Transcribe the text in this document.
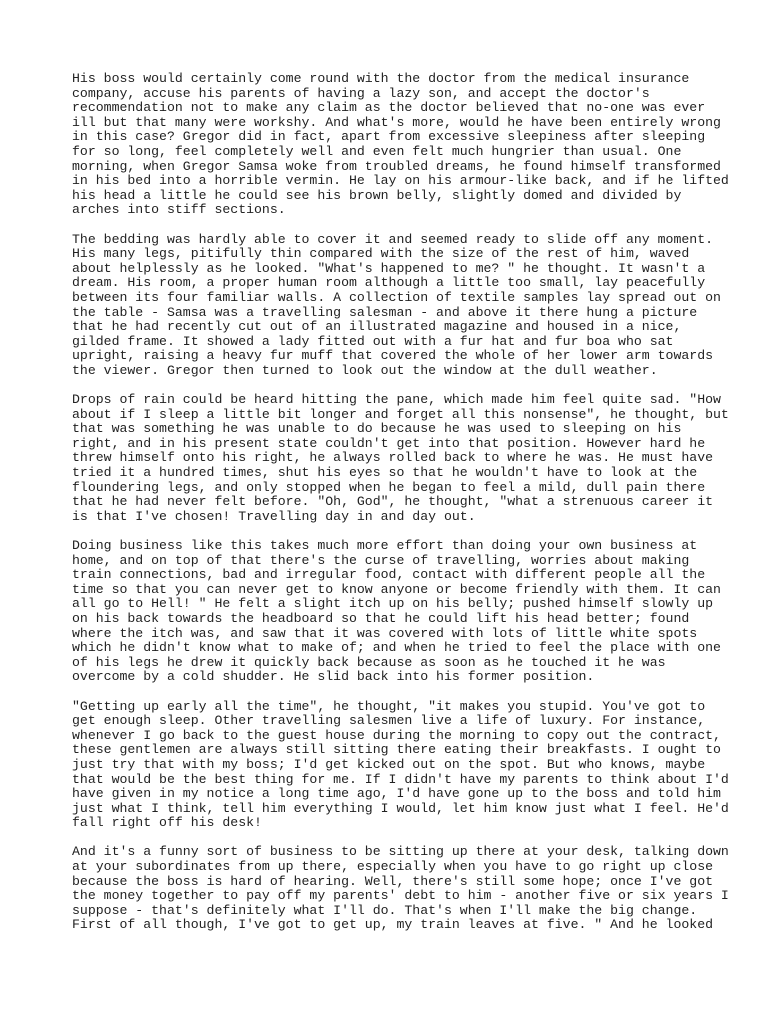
His boss would certainly come round with the doctor from the medical insurance
company, accuse his parents of having a lazy son, and accept the doctor's
recommendation not to make any claim as the doctor believed that no-one was ever
ill but that many were workshy. And what's more, would he have been entirely wrong
in this case? Gregor did in fact, apart from excessive sleepiness after sleeping
for so long, feel completely well and even felt much hungrier than usual. One
morning, when Gregor Samsa woke from troubled dreams, he found himself transformed
in his bed into a horrible vermin. He lay on his armour-like back, and if he lifted
his head a little he could see his brown belly, slightly domed and divided by
arches into stiff sections.
The bedding was hardly able to cover it and seemed ready to slide off any moment.
His many legs, pitifully thin compared with the size of the rest of him, waved
about helplessly as he looked. "What's happened to me? " he thought. It wasn't a
dream. His room, a proper human room although a little too small, lay peacefully
between its four familiar walls. A collection of textile samples lay spread out on
the table - Samsa was a travelling salesman - and above it there hung a picture
that he had recently cut out of an illustrated magazine and housed in a nice,
gilded frame. It showed a lady fitted out with a fur hat and fur boa who sat
upright, raising a heavy fur muff that covered the whole of her lower arm towards
the viewer. Gregor then turned to look out the window at the dull weather.
Drops of rain could be heard hitting the pane, which made him feel quite sad. "How
about if I sleep a little bit longer and forget all this nonsense", he thought, but
that was something he was unable to do because he was used to sleeping on his
right, and in his present state couldn't get into that position. However hard he
threw himself onto his right, he always rolled back to where he was. He must have
tried it a hundred times, shut his eyes so that he wouldn't have to look at the
floundering legs, and only stopped when he began to feel a mild, dull pain there
that he had never felt before. "Oh, God", he thought, "what a strenuous career it
is that I've chosen! Travelling day in and day out.
Doing business like this takes much more effort than doing your own business at
home, and on top of that there's the curse of travelling, worries about making
train connections, bad and irregular food, contact with different people all the
time so that you can never get to know anyone or become friendly with them. It can
all go to Hell! " He felt a slight itch up on his belly; pushed himself slowly up
on his back towards the headboard so that he could lift his head better; found
where the itch was, and saw that it was covered with lots of little white spots
which he didn't know what to make of; and when he tried to feel the place with one
of his legs he drew it quickly back because as soon as he touched it he was
overcome by a cold shudder. He slid back into his former position.
"Getting up early all the time", he thought, "it makes you stupid. You've got to
get enough sleep. Other travelling salesmen live a life of luxury. For instance,
whenever I go back to the guest house during the morning to copy out the contract,
these gentlemen are always still sitting there eating their breakfasts. I ought to
just try that with my boss; I'd get kicked out on the spot. But who knows, maybe
that would be the best thing for me. If I didn't have my parents to think about I'd
have given in my notice a long time ago, I'd have gone up to the boss and told him
just what I think, tell him everything I would, let him know just what I feel. He'd
fall right off his desk!
And it's a funny sort of business to be sitting up there at your desk, talking down
at your subordinates from up there, especially when you have to go right up close
because the boss is hard of hearing. Well, there's still some hope; once I've got
the money together to pay off my parents' debt to him - another five or six years I
suppose - that's definitely what I'll do. That's when I'll make the big change.
First of all though, I've got to get up, my train leaves at five. " And he looked
